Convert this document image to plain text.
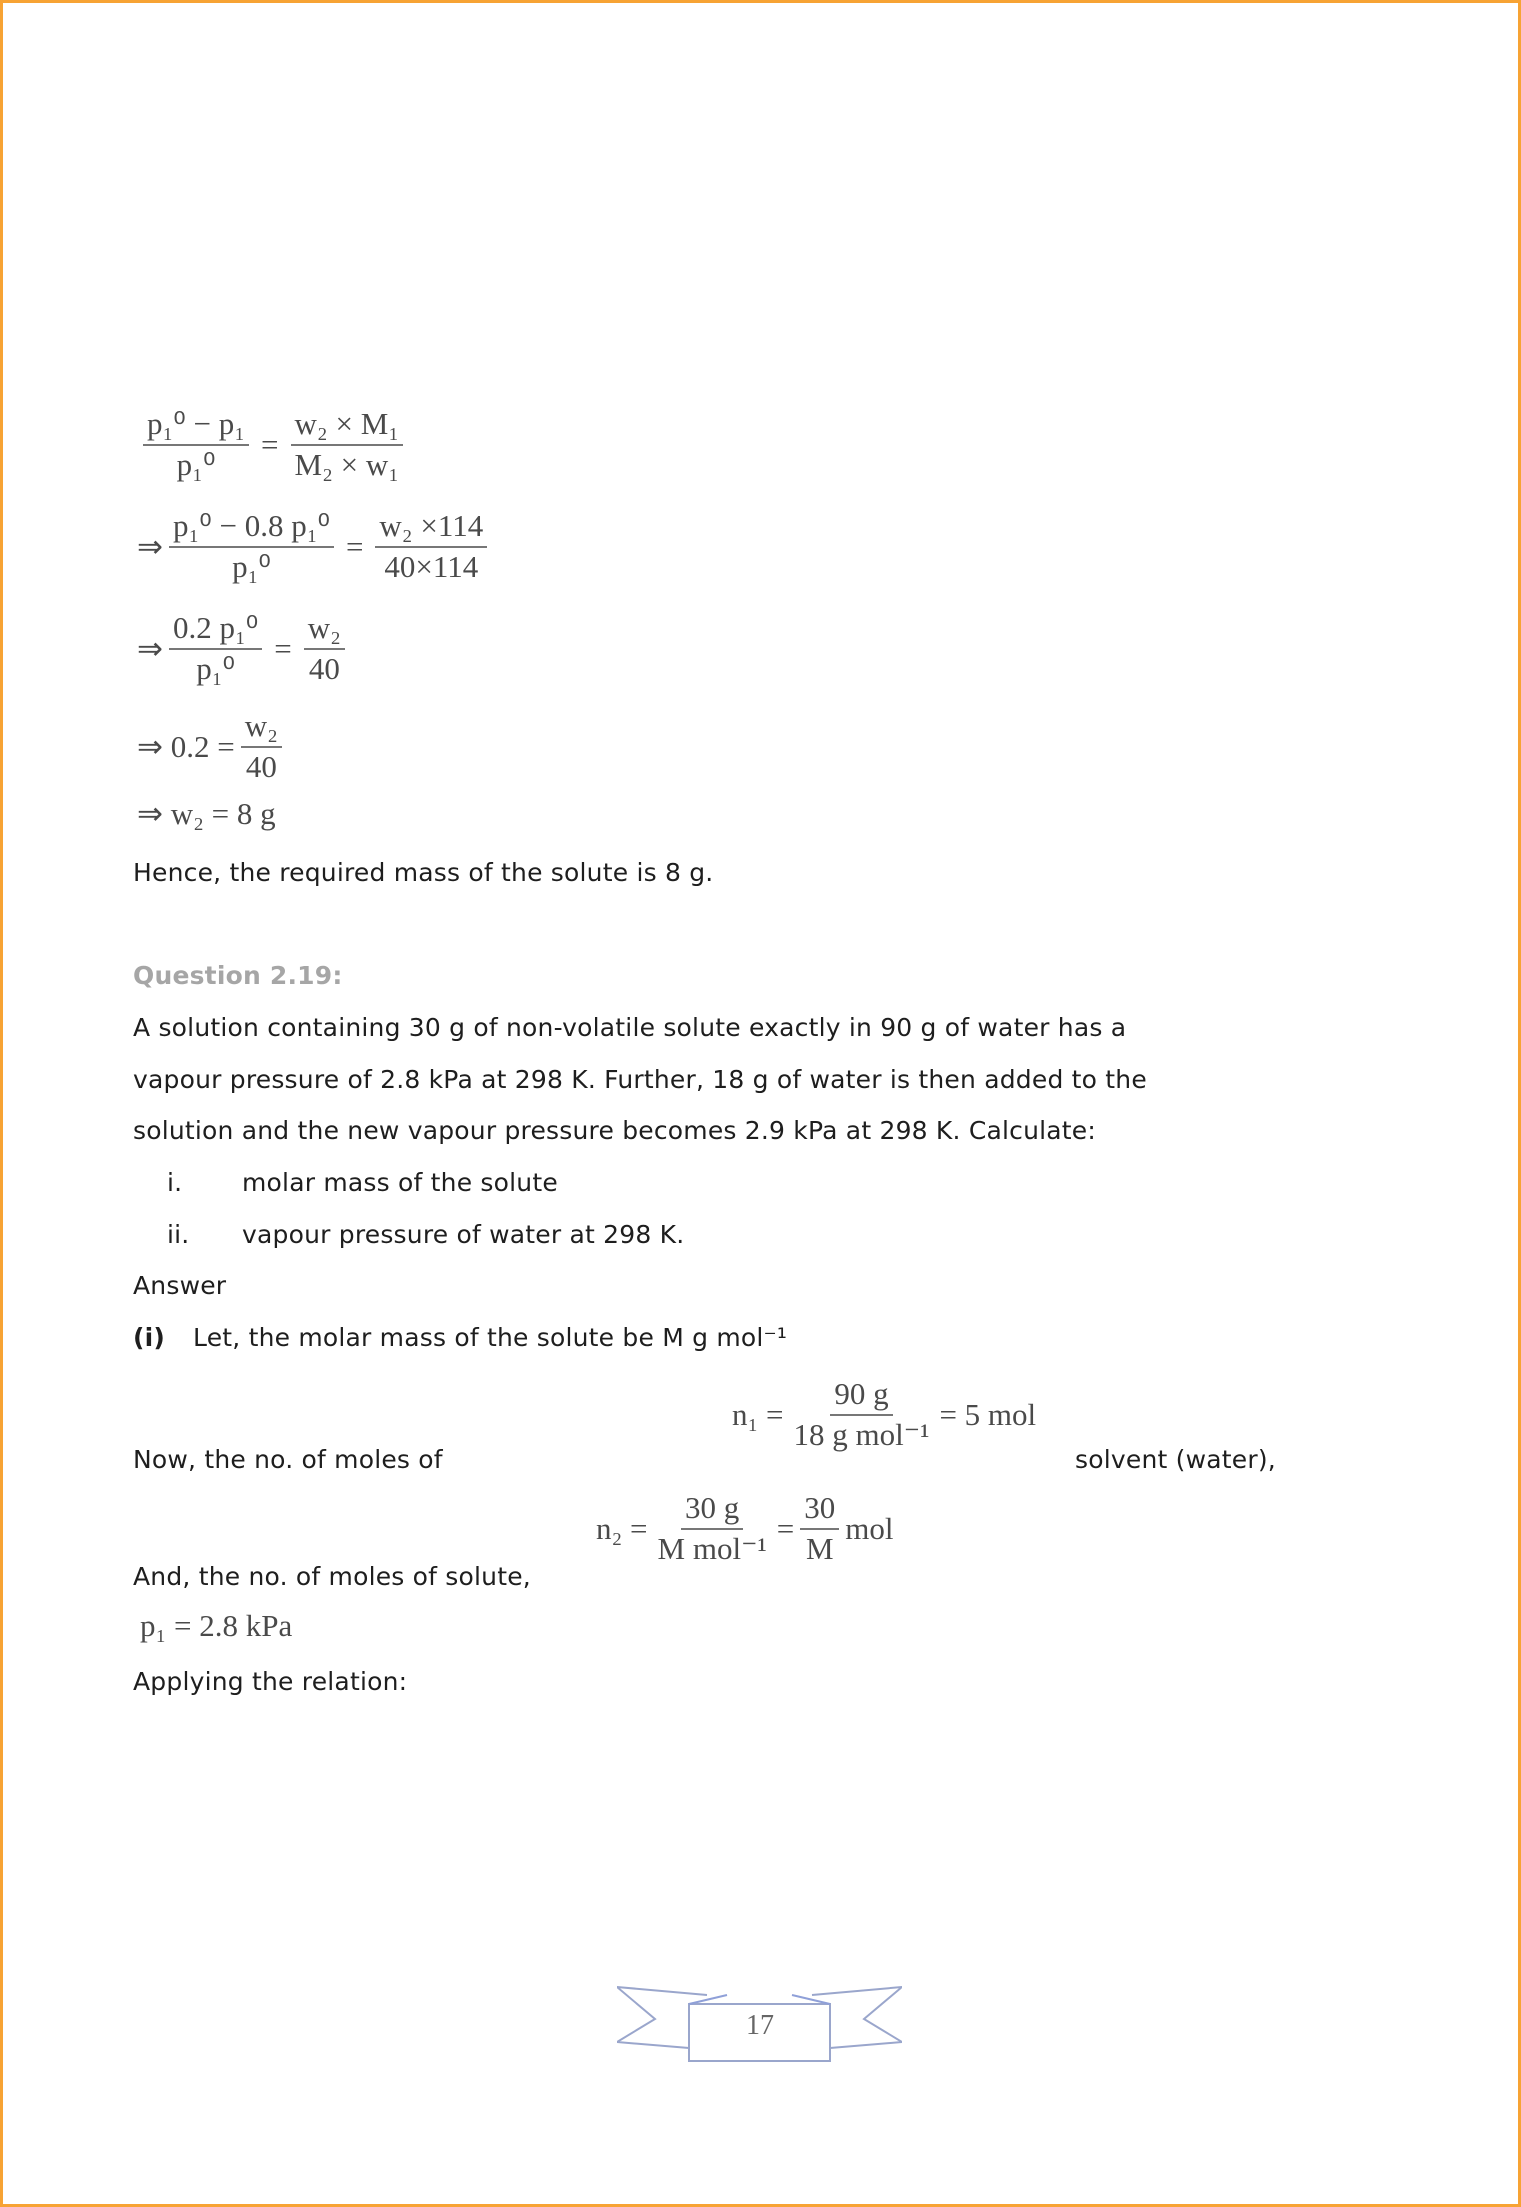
$\frac{\text{p₁⁰ − p₁}}{\text{p₁⁰}} = \frac{\text{w₂ × M₁}}{\text{M₂ × w₁}}$
⇒ $\frac{\text{p₁⁰ − 0.8 p₁⁰}}{\text{p₁⁰}} = \frac{\text{w₂ ×114}}{40\times 114}$
⇒ $\frac{\text{0.2 p₁⁰}}{\text{p₁⁰}} = \frac{\text{w₂}}{40}$
⇒ $0.2 = \frac{\text{w₂}}{40}$
⇒ w₂ = 8 g
Hence, the required mass of the solute is 8 g.
Question 2.19:
A solution containing 30 g of non-volatile solute exactly in 90 g of water has a
vapour pressure of 2.8 kPa at 298 K. Further, 18 g of water is then added to the
solution and the new vapour pressure becomes 2.9 kPa at 298 K. Calculate:
i. molar mass of the solute
ii. vapour pressure of water at 298 K.
Answer
(i) Let, the molar mass of the solute be M g mol⁻¹
$n_1 = \frac{90 g}{\text{18 g mol⁻¹}} = 5$ mol
Now, the no. of moles of	solvent (water),
$n_2 = \frac{30 g}{\text{M mol⁻¹}} = \frac{30}{M}$ mol
And, the no. of moles of solute,
p₁ = 2.8 kPa
Applying the relation:
17
